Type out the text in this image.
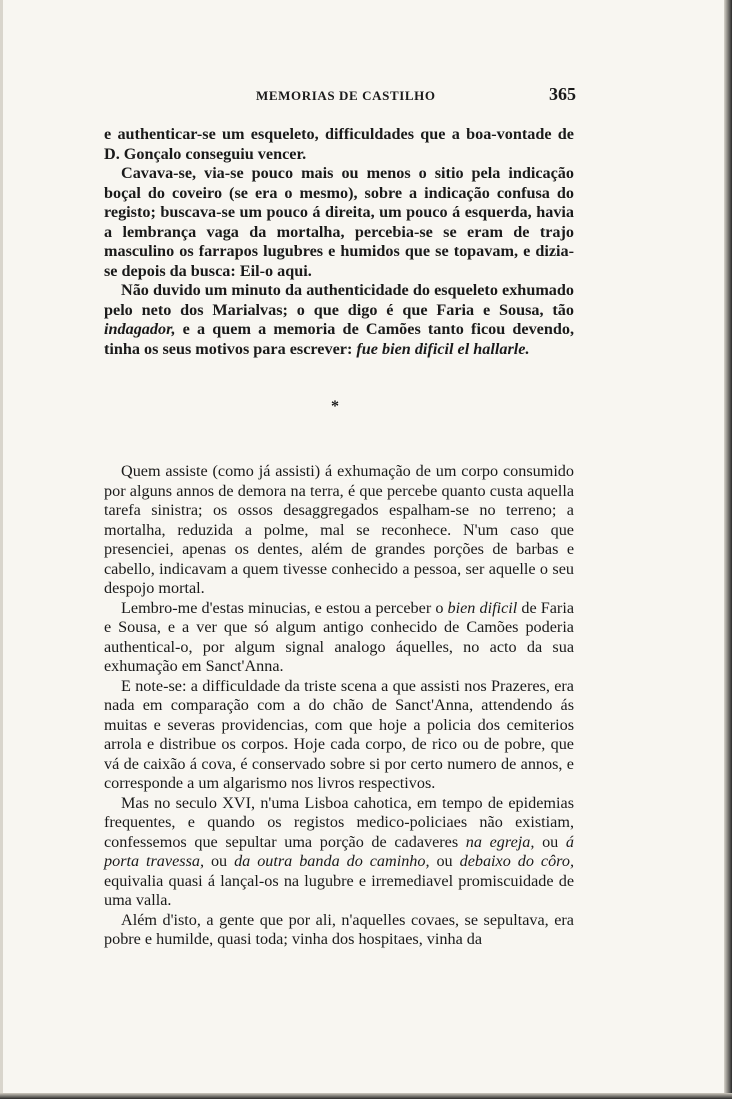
MEMORIAS DE CASTILHO	365

e authenticar-se um esqueleto, difficuldades que a boa-vontade de D. Gonçalo conseguiu vencer.

Cavava-se, via-se pouco mais ou menos o sitio pela indicação boçal do coveiro (se era o mesmo), sobre a indicação confusa do registo; buscava-se um pouco á direita, um pouco á esquerda, havia a lembrança vaga da mortalha, percebia-se se eram de trajo masculino os farrapos lugubres e humidos que se topavam, e dizia-se depois da busca: Eil-o aqui.

Não duvido um minuto da authenticidade do esqueleto exhumado pelo neto dos Marialvas; o que digo é que Faria e Sousa, tão indagador, e a quem a memoria de Camões tanto ficou devendo, tinha os seus motivos para escrever: fue bien dificil el hallarle.

*

Quem assiste (como já assisti) á exhumação de um corpo consumido por alguns annos de demora na terra, é que percebe quanto custa aquella tarefa sinistra; os ossos desaggregados espalham-se no terreno; a mortalha, reduzida a polme, mal se reconhece. N'um caso que presenciei, apenas os dentes, além de grandes porções de barbas e cabello, indicavam a quem tivesse conhecido a pessoa, ser aquelle o seu despojo mortal.

Lembro-me d'estas minucias, e estou a perceber o bien dificil de Faria e Sousa, e a ver que só algum antigo conhecido de Camões poderia authentical-o, por algum signal analogo áquelles, no acto da sua exhumação em Sanct'Anna.

E note-se: a difficuldade da triste scena a que assisti nos Prazeres, era nada em comparação com a do chão de Sanct'Anna, attendendo ás muitas e severas providencias, com que hoje a policia dos cemiterios arrola e distribue os corpos. Hoje cada corpo, de rico ou de pobre, que vá de caixão á cova, é conservado sobre si por certo numero de annos, e corresponde a um algarismo nos livros respectivos.

Mas no seculo XVI, n'uma Lisboa cahotica, em tempo de epidemias frequentes, e quando os registos medico-policiaes não existiam, confessemos que sepultar uma porção de cadaveres na egreja, ou á porta travessa, ou da outra banda do caminho, ou debaixo do côro, equivalia quasi á lançal-os na lugubre e irremediavel promiscuidade de uma valla.

Além d'isto, a gente que por ali, n'aquelles covaes, se sepultava, era pobre e humilde, quasi toda; vinha dos hospitaes, vinha da
